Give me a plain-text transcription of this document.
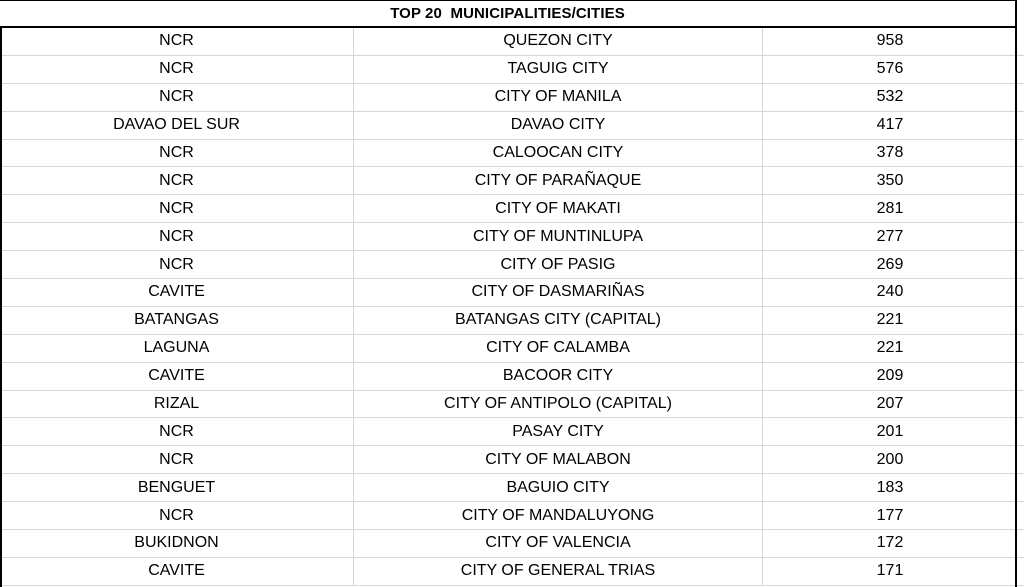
TOP 20  MUNICIPALITIES/CITIES
NCR	QUEZON CITY	958
NCR	TAGUIG CITY	576
NCR	CITY OF MANILA	532
DAVAO DEL SUR	DAVAO CITY	417
NCR	CALOOCAN CITY	378
NCR	CITY OF PARAÑAQUE	350
NCR	CITY OF MAKATI	281
NCR	CITY OF MUNTINLUPA	277
NCR	CITY OF PASIG	269
CAVITE	CITY OF DASMARIÑAS	240
BATANGAS	BATANGAS CITY (CAPITAL)	221
LAGUNA	CITY OF CALAMBA	221
CAVITE	BACOOR CITY	209
RIZAL	CITY OF ANTIPOLO (CAPITAL)	207
NCR	PASAY CITY	201
NCR	CITY OF MALABON	200
BENGUET	BAGUIO CITY	183
NCR	CITY OF MANDALUYONG	177
BUKIDNON	CITY OF VALENCIA	172
CAVITE	CITY OF GENERAL TRIAS	171
